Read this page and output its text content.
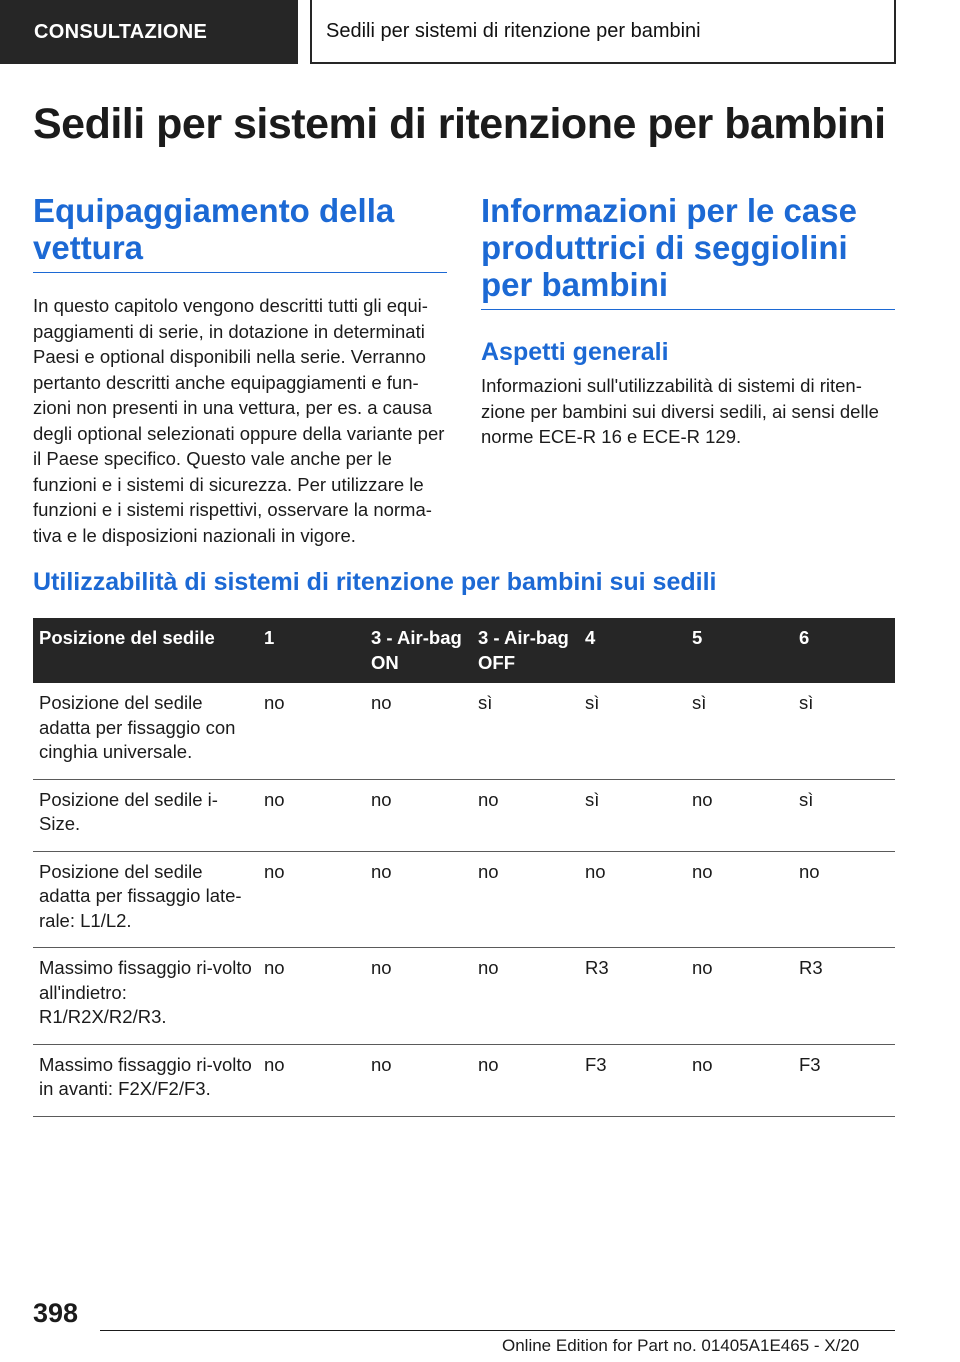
CONSULTAZIONE	Sedili per sistemi di ritenzione per bambini
Sedili per sistemi di ritenzione per bambini
Equipaggiamento della vettura

In questo capitolo vengono descritti tutti gli equi-paggiamenti di serie, in dotazione in determinati Paesi e optional disponibili nella serie. Verranno pertanto descritti anche equipaggiamenti e fun-zioni non presenti in una vettura, per es. a causa degli optional selezionati oppure della variante per il Paese specifico. Questo vale anche per le funzioni e i sistemi di sicurezza. Per utilizzare le funzioni e i sistemi rispettivi, osservare la norma-tiva e le disposizioni nazionali in vigore.

Informazioni per le case produttrici di seggiolini per bambini
Aspetti generali

Informazioni sull'utilizzabilità di sistemi di riten-zione per bambini sui diversi sedili, ai sensi delle norme ECE-R 16 e ECE-R 129.

Utilizzabilità di sistemi di ritenzione per bambini sui sedili
Posizione del sedile	1	3 - Air-bag ON	3 - Air-bag OFF	4	5	6
Posizione del sedile adatta per fissaggio con cinghia universale.	no	no	sì	sì	sì	sì
Posizione del sedile i-Size.	no	no	no	sì	no	sì
Posizione del sedile adatta per fissaggio late-rale: L1/L2.	no	no	no	no	no	no
Massimo fissaggio ri-volto all'indietro: R1/R2X/R2/R3.	no	no	no	R3	no	R3
Massimo fissaggio ri-volto in avanti: F2X/F2/F3.	no	no	no	F3	no	F3

398

Online Edition for Part no. 01405A1E465 - X/20
